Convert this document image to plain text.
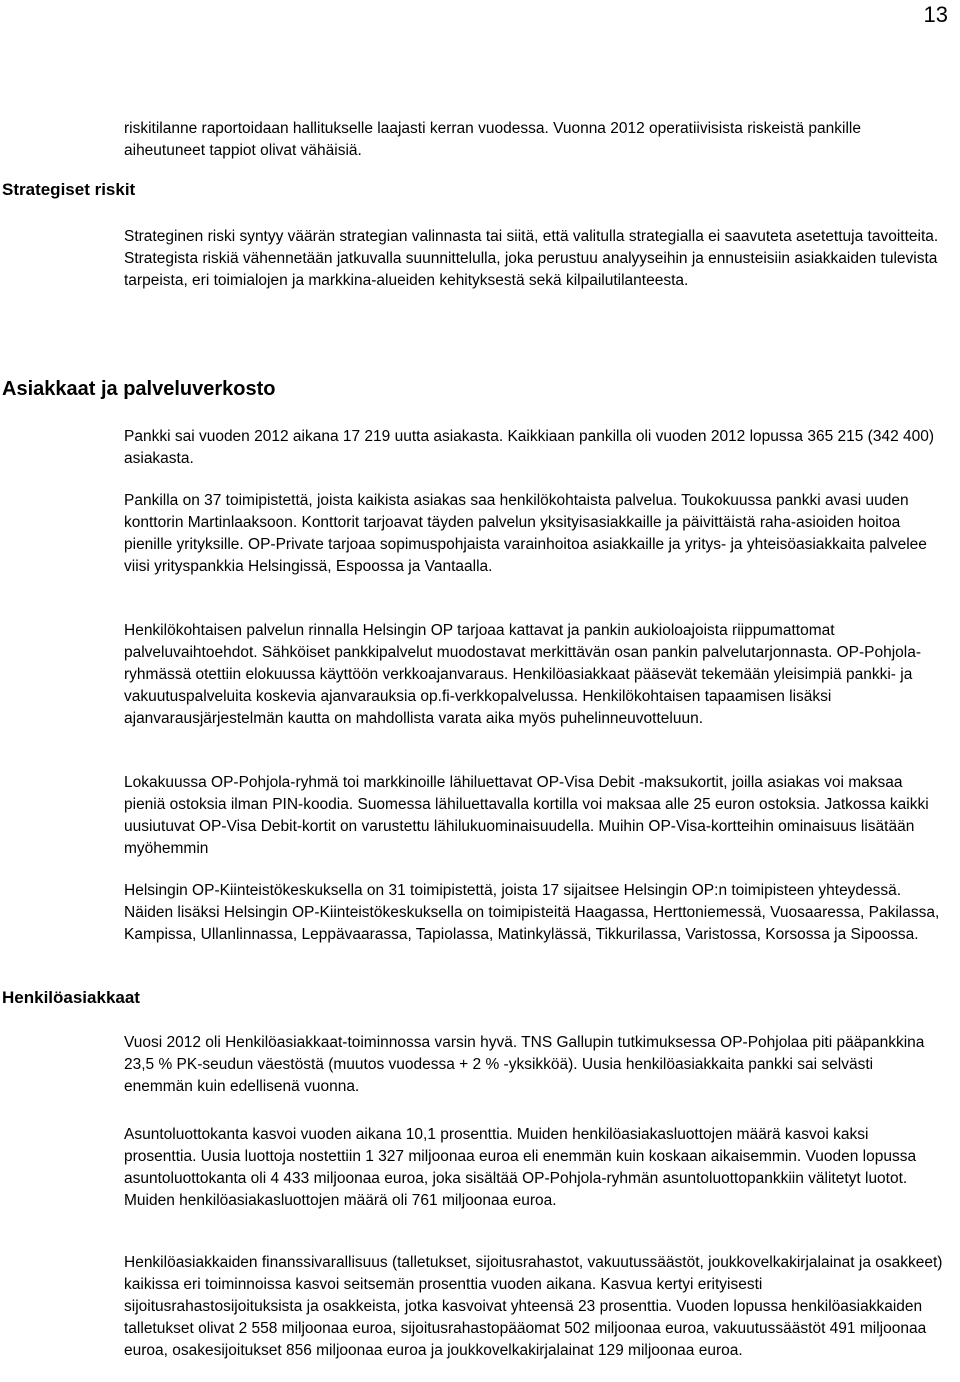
13
Strategiset riskit
Henkilöasiakkaat
Asiakkaat ja palveluverkosto

riskitilanne raportoidaan hallitukselle laajasti kerran vuodessa. Vuonna 2012 operatiivisista riskeistä pankille aiheutuneet tappiot olivat vähäisiä.

Strateginen riski syntyy väärän strategian valinnasta tai siitä, että valitulla strategialla ei saavuteta asetettuja tavoitteita. Strategista riskiä vähennetään jatkuvalla suunnittelulla, joka perustuu analyyseihin ja ennusteisiin asiakkaiden tulevista tarpeista, eri toimialojen ja markkina-alueiden kehityksestä sekä kilpailutilanteesta.

Pankki sai vuoden 2012 aikana 17 219 uutta asiakasta. Kaikkiaan pankilla oli vuoden 2012 lopussa 365 215 (342 400) asiakasta.

Pankilla on 37 toimipistettä, joista kaikista asiakas saa henkilökohtaista palvelua. Toukokuussa pankki avasi uuden konttorin Martinlaaksoon. Konttorit tarjoavat täyden palvelun yksityisasiakkaille ja päivittäistä raha-asioiden hoitoa pienille yrityksille. OP-Private tarjoaa sopimuspohjaista varainhoitoa asiakkaille ja yritys- ja yhteisöasiakkaita palvelee viisi yrityspankkia Helsingissä, Espoossa ja Vantaalla.

Henkilökohtaisen palvelun rinnalla Helsingin OP tarjoaa kattavat ja pankin aukioloajoista riippumattomat palveluvaihtoehdot. Sähköiset pankkipalvelut muodostavat merkittävän osan pankin palvelutarjonnasta. OP-Pohjola-ryhmässä otettiin elokuussa käyttöön verkkoajanvaraus. Henkilöasiakkaat pääsevät tekemään yleisimpiä pankki- ja vakuutuspalveluita koskevia ajanvarauksia op.fi-verkkopalvelussa. Henkilökohtaisen tapaamisen lisäksi ajanvarausjärjestelmän kautta on mahdollista varata aika myös puhelinneuvotteluun.

Lokakuussa OP-Pohjola-ryhmä toi markkinoille lähiluettavat OP-Visa Debit -maksukortit, joilla asiakas voi maksaa pieniä ostoksia ilman PIN-koodia. Suomessa lähiluettavalla kortilla voi maksaa alle 25 euron ostoksia. Jatkossa kaikki uusiutuvat OP-Visa Debit-kortit on varustettu lähilukuominaisuudella. Muihin OP-Visa-kortteihin ominaisuus lisätään myöhemmin

Helsingin OP-Kiinteistökeskuksella on 31 toimipistettä, joista 17 sijaitsee Helsingin OP:n toimipisteen yhteydessä. Näiden lisäksi Helsingin OP-Kiinteistökeskuksella on toimipisteitä Haagassa, Herttoniemessä, Vuosaaressa, Pakilassa, Kampissa, Ullanlinnassa, Leppävaarassa, Tapiolassa, Matinkylässä, Tikkurilassa, Varistossa, Korsossa ja Sipoossa.

Vuosi 2012 oli Henkilöasiakkaat-toiminnossa varsin hyvä. TNS Gallupin tutkimuksessa OP-Pohjolaa piti pääpankkina 23,5 % PK-seudun väestöstä (muutos vuodessa + 2 % -yksikköä). Uusia henkilöasiakkaita pankki sai selvästi enemmän kuin edellisenä vuonna.

Asuntoluottokanta kasvoi vuoden aikana 10,1 prosenttia. Muiden henkilöasiakasluottojen määrä kasvoi kaksi prosenttia. Uusia luottoja nostettiin 1 327 miljoonaa euroa eli enemmän kuin koskaan aikaisemmin. Vuoden lopussa asuntoluottokanta oli 4 433 miljoonaa euroa, joka sisältää OP-Pohjola-ryhmän asuntoluottopankkiin välitetyt luotot. Muiden henkilöasiakasluottojen määrä oli 761 miljoonaa euroa.

Henkilöasiakkaiden finanssivarallisuus (talletukset, sijoitusrahastot, vakuutussäästöt, joukkovelkakirjalainat ja osakkeet) kaikissa eri toiminnoissa kasvoi seitsemän prosenttia vuoden aikana. Kasvua kertyi erityisesti sijoitusrahastosijoituksista ja osakkeista, jotka kasvoivat yhteensä 23 prosenttia. Vuoden lopussa henkilöasiakkaiden talletukset olivat 2 558 miljoonaa euroa, sijoitusrahastopääomat 502 miljoonaa euroa, vakuutussäästöt 491 miljoonaa euroa, osakesijoitukset 856 miljoonaa euroa ja joukkovelkakirjalainat 129 miljoonaa euroa.
